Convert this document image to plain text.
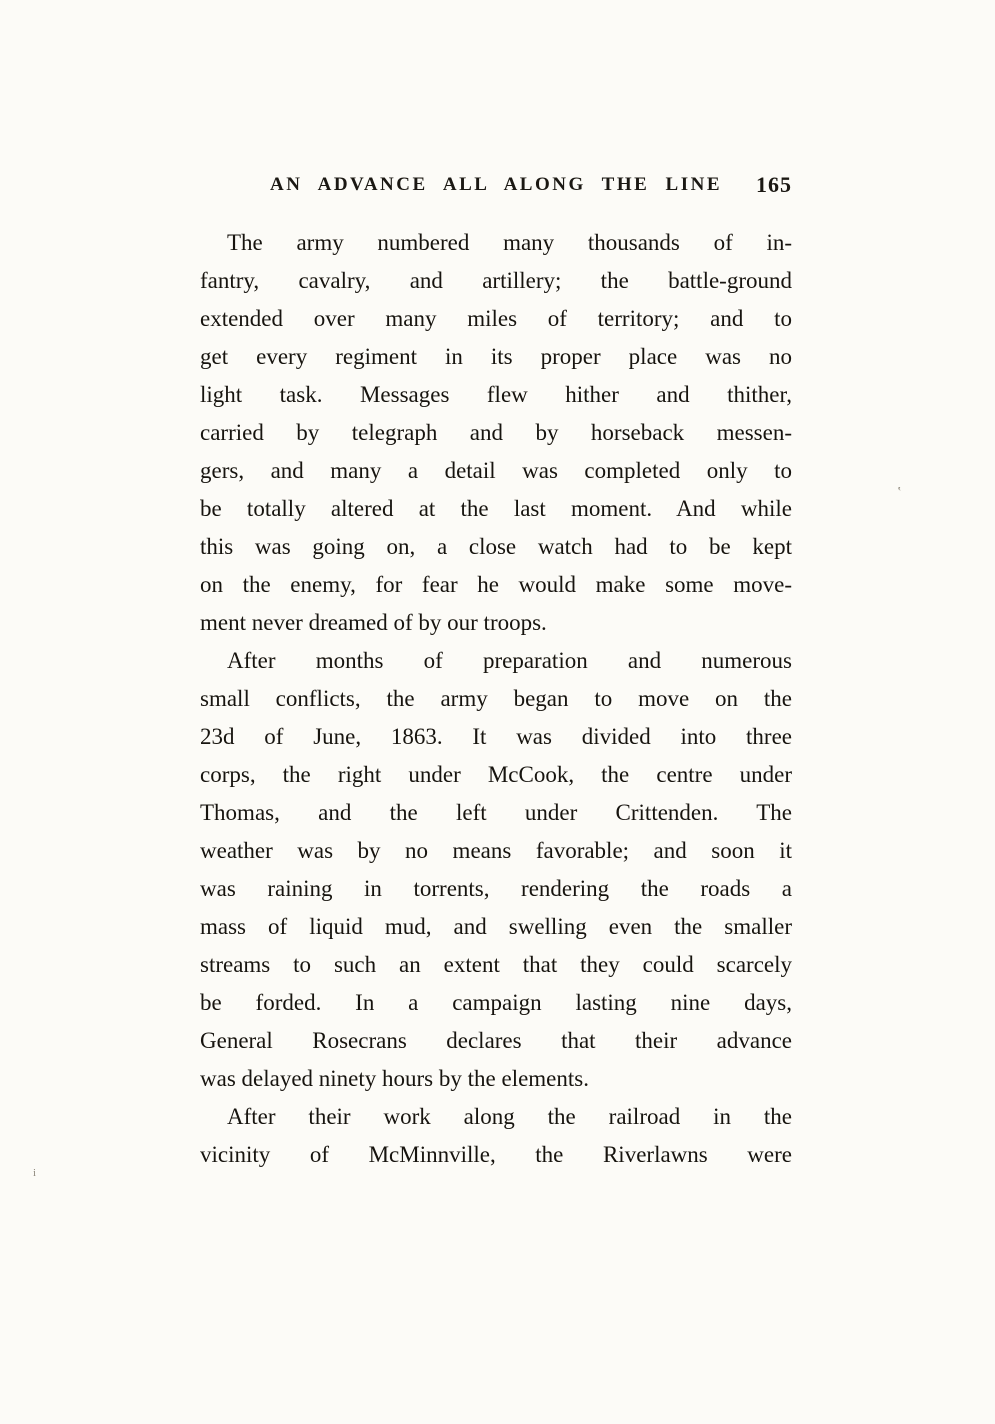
AN ADVANCE ALL ALONG THE LINE	165
The army numbered many thousands of in-
fantry, cavalry, and artillery; the battle-ground
extended over many miles of territory; and to
get every regiment in its proper place was no
light task. Messages flew hither and thither,
carried by telegraph and by horseback messen-
gers, and many a detail was completed only to
be totally altered at the last moment. And while
this was going on, a close watch had to be kept
on the enemy, for fear he would make some move-
ment never dreamed of by our troops.
After months of preparation and numerous
small conflicts, the army began to move on the
23d of June, 1863. It was divided into three
corps, the right under McCook, the centre under
Thomas, and the left under Crittenden. The
weather was by no means favorable; and soon it
was raining in torrents, rendering the roads a
mass of liquid mud, and swelling even the smaller
streams to such an extent that they could scarcely
be forded. In a campaign lasting nine days,
General Rosecrans declares that their advance
was delayed ninety hours by the elements.
After their work along the railroad in the
vicinity of McMinnville, the Riverlawns were
‛
i
